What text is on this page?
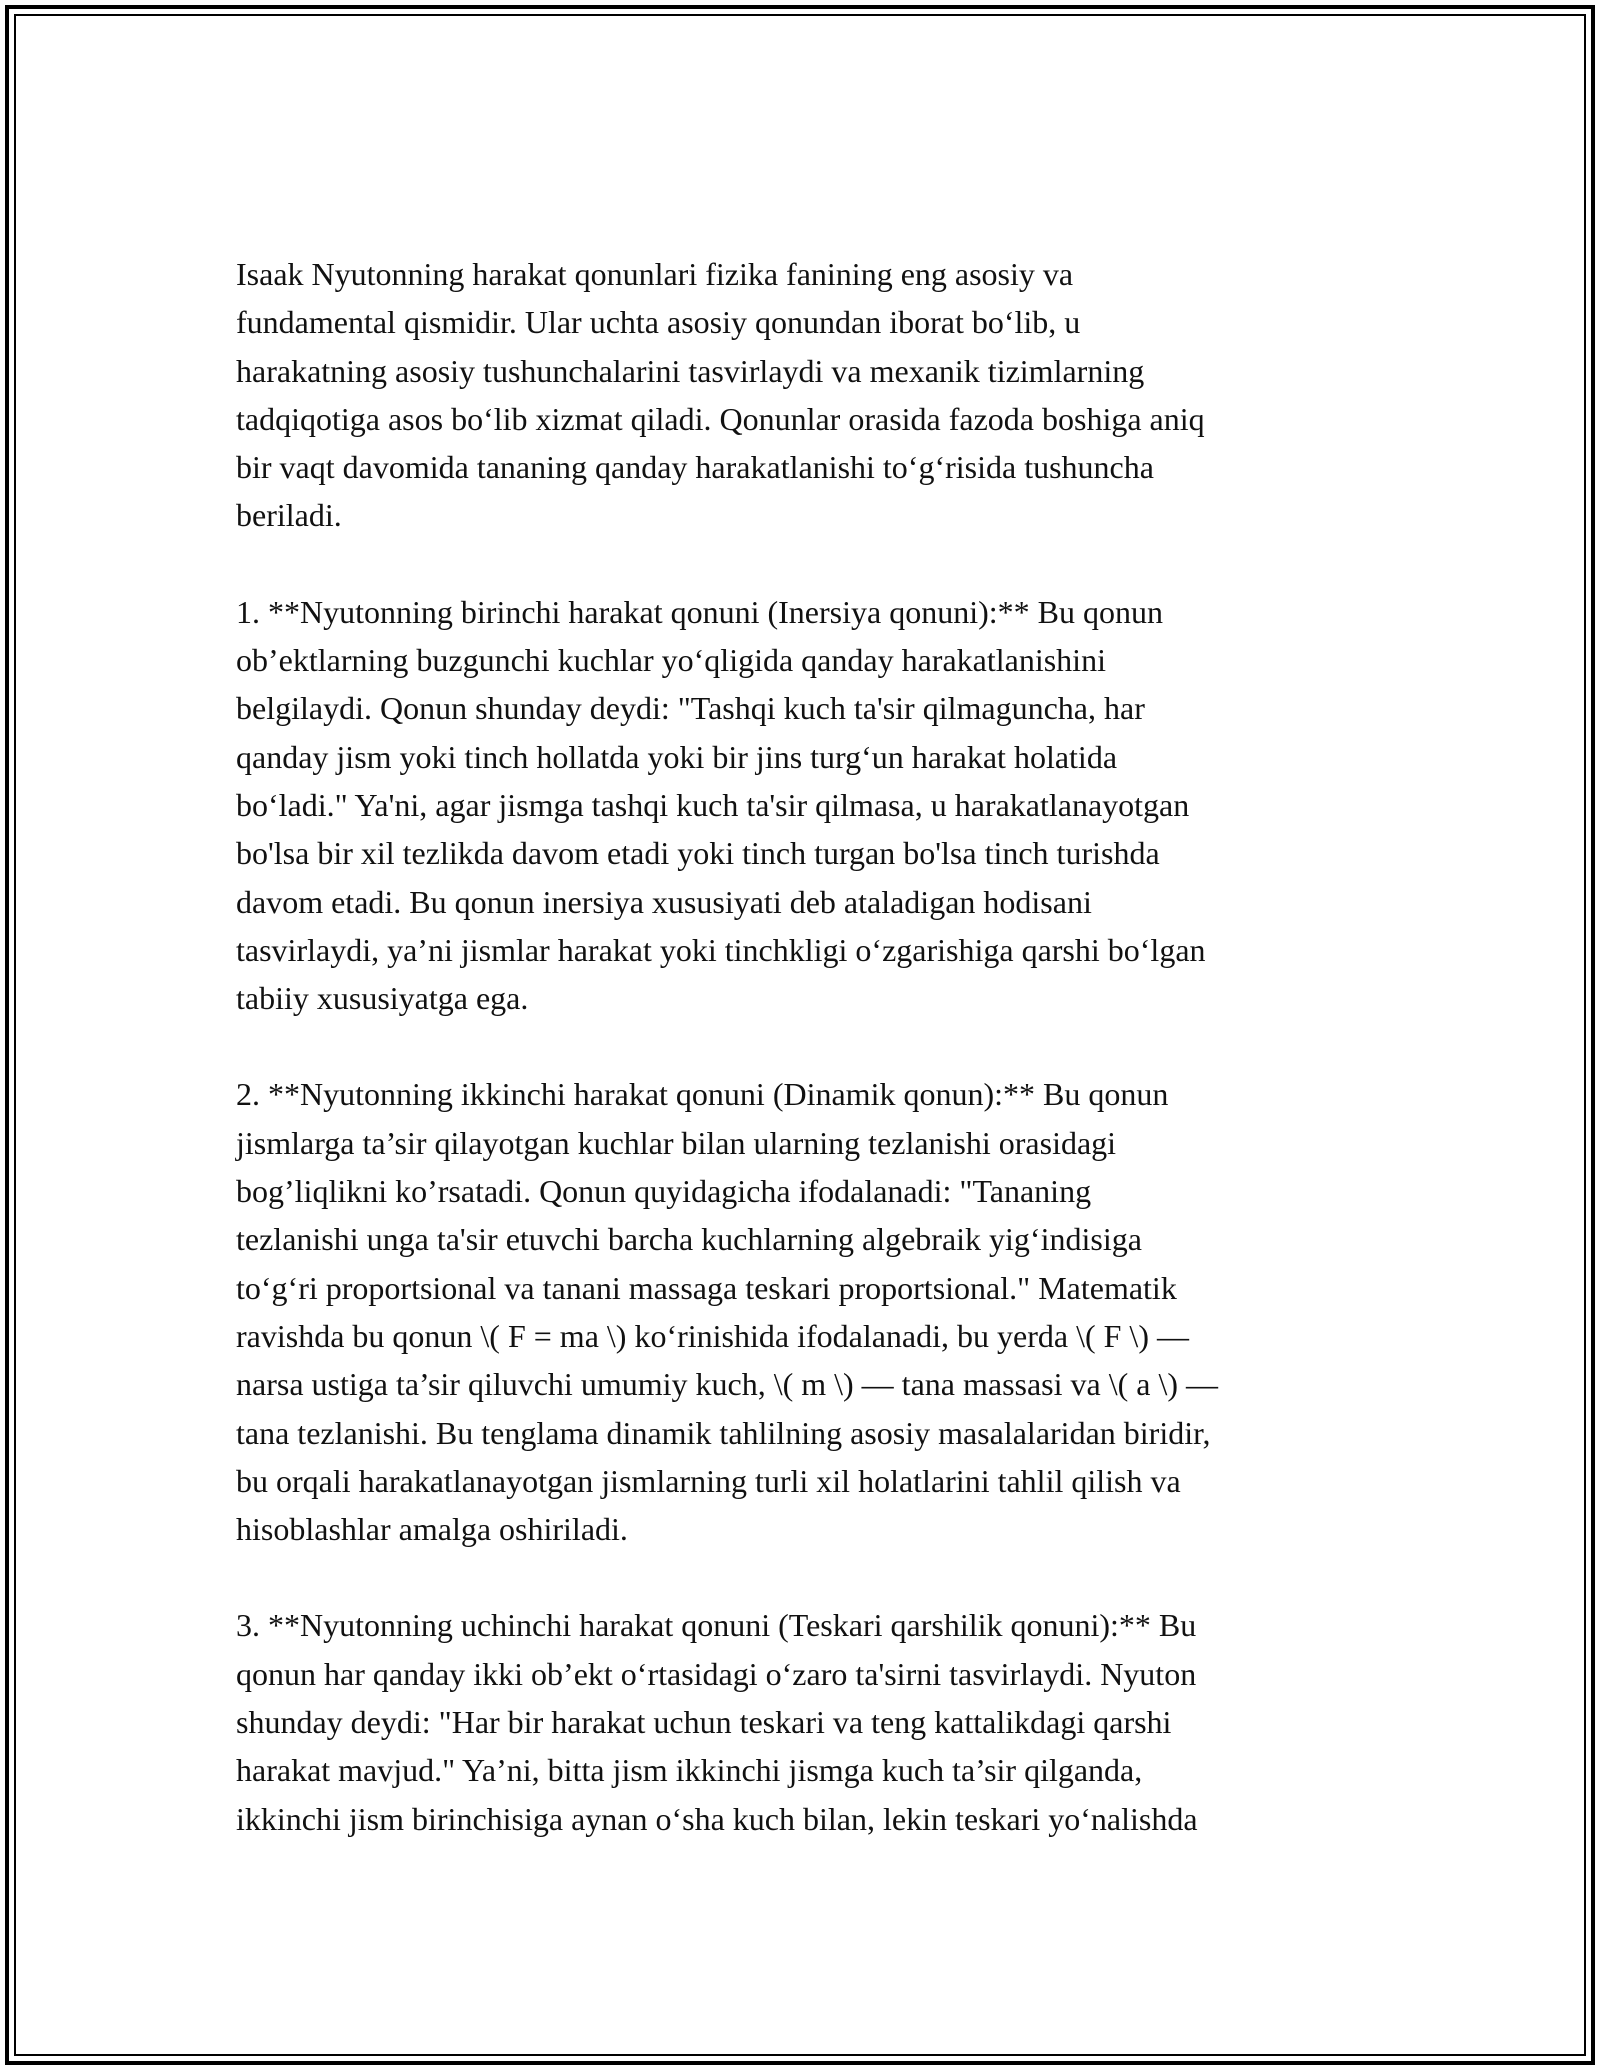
Isaak Nyutonning harakat qonunlari fizika fanining eng asosiy va
fundamental qismidir. Ular uchta asosiy qonundan iborat bo‘lib, u
harakatning asosiy tushunchalarini tasvirlaydi va mexanik tizimlarning
tadqiqotiga asos bo‘lib xizmat qiladi. Qonunlar orasida fazoda boshiga aniq
bir vaqt davomida tananing qanday harakatlanishi to‘g‘risida tushuncha
beriladi.

1. **Nyutonning birinchi harakat qonuni (Inersiya qonuni):** Bu qonun
ob’ektlarning buzgunchi kuchlar yo‘qligida qanday harakatlanishini
belgilaydi. Qonun shunday deydi: "Tashqi kuch ta'sir qilmaguncha, har
qanday jism yoki tinch hollatda yoki bir jins turg‘un harakat holatida
bo‘ladi." Ya'ni, agar jismga tashqi kuch ta'sir qilmasa, u harakatlanayotgan
bo'lsa bir xil tezlikda davom etadi yoki tinch turgan bo'lsa tinch turishda
davom etadi. Bu qonun inersiya xususiyati deb ataladigan hodisani
tasvirlaydi, ya’ni jismlar harakat yoki tinchkligi o‘zgarishiga qarshi bo‘lgan
tabiiy xususiyatga ega.

2. **Nyutonning ikkinchi harakat qonuni (Dinamik qonun):** Bu qonun
jismlarga ta’sir qilayotgan kuchlar bilan ularning tezlanishi orasidagi
bog’liqlikni ko’rsatadi. Qonun quyidagicha ifodalanadi: "Tananing
tezlanishi unga ta'sir etuvchi barcha kuchlarning algebraik yig‘indisiga
to‘g‘ri proportsional va tanani massaga teskari proportsional." Matematik
ravishda bu qonun \( F = ma \) ko‘rinishida ifodalanadi, bu yerda \( F \) —
narsa ustiga ta’sir qiluvchi umumiy kuch, \( m \) — tana massasi va \( a \) —
tana tezlanishi. Bu tenglama dinamik tahlilning asosiy masalalaridan biridir,
bu orqali harakatlanayotgan jismlarning turli xil holatlarini tahlil qilish va
hisoblashlar amalga oshiriladi.

3. **Nyutonning uchinchi harakat qonuni (Teskari qarshilik qonuni):** Bu
qonun har qanday ikki ob’ekt o‘rtasidagi o‘zaro ta'sirni tasvirlaydi. Nyuton
shunday deydi: "Har bir harakat uchun teskari va teng kattalikdagi qarshi
harakat mavjud." Ya’ni, bitta jism ikkinchi jismga kuch ta’sir qilganda,
ikkinchi jism birinchisiga aynan o‘sha kuch bilan, lekin teskari yo‘nalishda
